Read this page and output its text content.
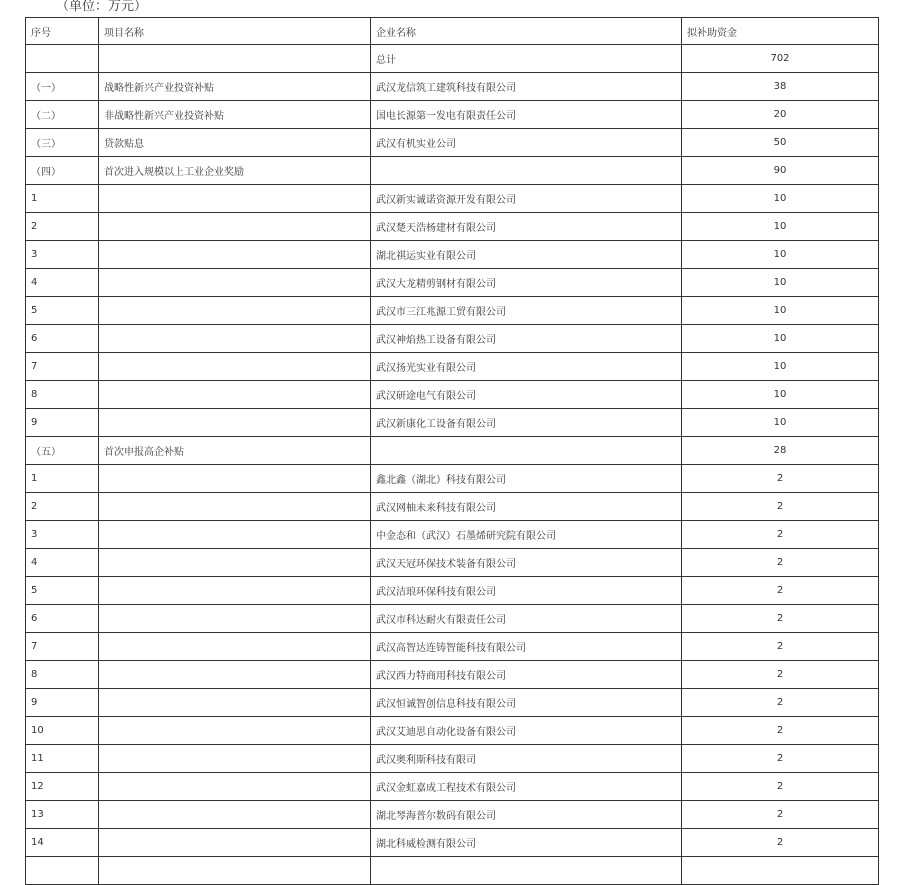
（单位：万元）
序号	项目名称	企业名称	拟补助资金
		总计	702
（一）	战略性新兴产业投资补贴	武汉龙信筑工建筑科技有限公司	38
（二）	非战略性新兴产业投资补贴	国电长源第一发电有限责任公司	20
（三）	贷款贴息	武汉有机实业公司	50
（四）	首次进入规模以上工业企业奖励		90
1		武汉新实诚诺资源开发有限公司	10
2		武汉楚天浩杨建材有限公司	10
3		湖北祺运实业有限公司	10
4		武汉大龙精剪钢材有限公司	10
5		武汉市三江兆源工贸有限公司	10
6		武汉神焰热工设备有限公司	10
7		武汉扬光实业有限公司	10
8		武汉研途电气有限公司	10
9		武汉新康化工设备有限公司	10
（五）	首次申报高企补贴		28
1		鑫北鑫（湖北）科技有限公司	2
2		武汉网柚未来科技有限公司	2
3		中金态和（武汉）石墨烯研究院有限公司	2
4		武汉天冠环保技术装备有限公司	2
5		武汉洁琅环保科技有限公司	2
6		武汉市科达耐火有限责任公司	2
7		武汉高智达连铸智能科技有限公司	2
8		武汉西力特商用科技有限公司	2
9		武汉恒诚智创信息科技有限公司	2
10		武汉艾迪思自动化设备有限公司	2
11		武汉奥利斯科技有限司	2
12		武汉金虹嘉成工程技术有限公司	2
13		湖北琴海普尔数码有限公司	2
14		湖北科威检测有限公司	2
